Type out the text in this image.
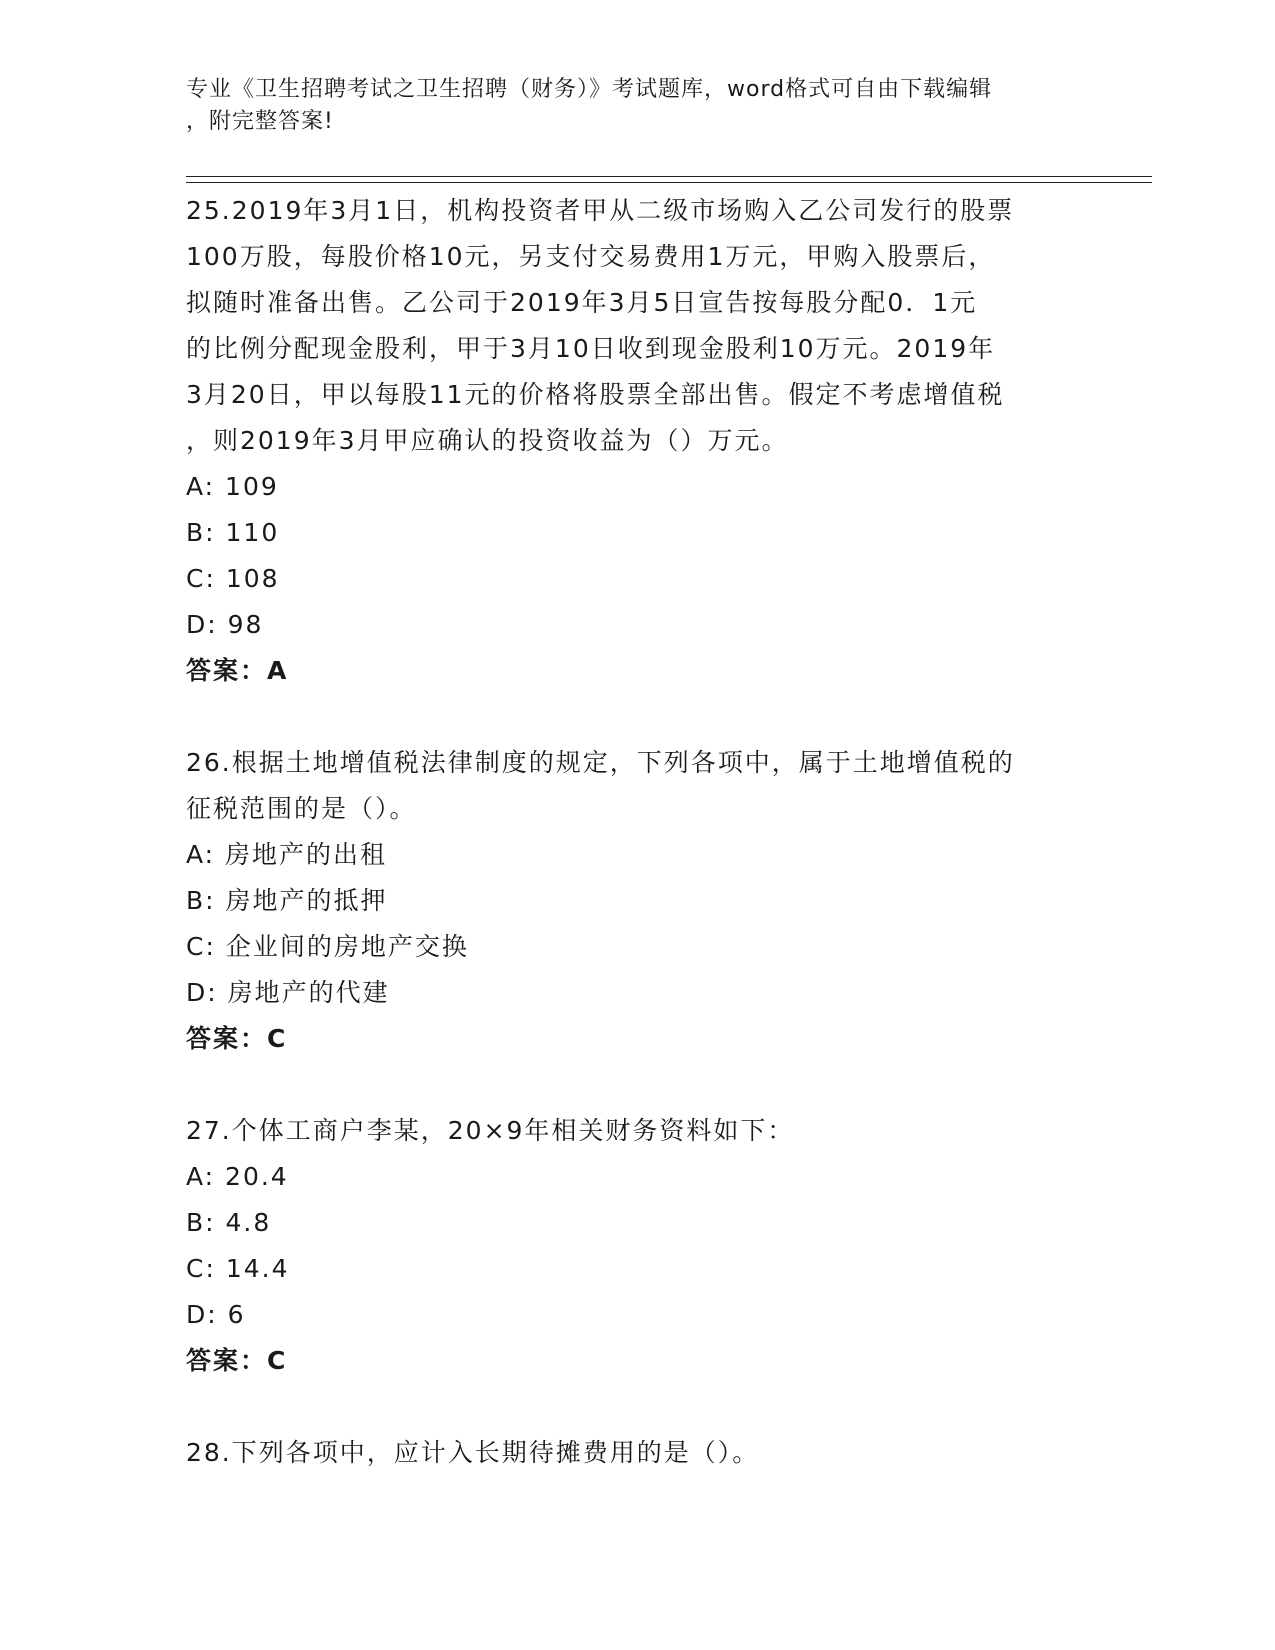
专业《卫生招聘考试之卫生招聘（财务）》考试题库，word格式可自由下载编辑
，附完整答案!
25.2019年3月1日，机构投资者甲从二级市场购入乙公司发行的股票
100万股，每股价格10元，另支付交易费用1万元，甲购入股票后，
拟随时准备出售。乙公司于2019年3月5日宣告按每股分配0．1元
的比例分配现金股利，甲于3月10日收到现金股利10万元。2019年
3月20日，甲以每股11元的价格将股票全部出售。假定不考虑增值税
，则2019年3月甲应确认的投资收益为（）万元。
A: 109
B: 110
C: 108
D: 98
答案：A
26.根据土地增值税法律制度的规定，下列各项中，属于土地增值税的
征税范围的是（）。
A: 房地产的出租
B: 房地产的抵押
C: 企业间的房地产交换
D: 房地产的代建
答案：C
27.个体工商户李某，20×9年相关财务资料如下：
A: 20.4
B: 4.8
C: 14.4
D: 6
答案：C
28.下列各项中，应计入长期待摊费用的是（）。
